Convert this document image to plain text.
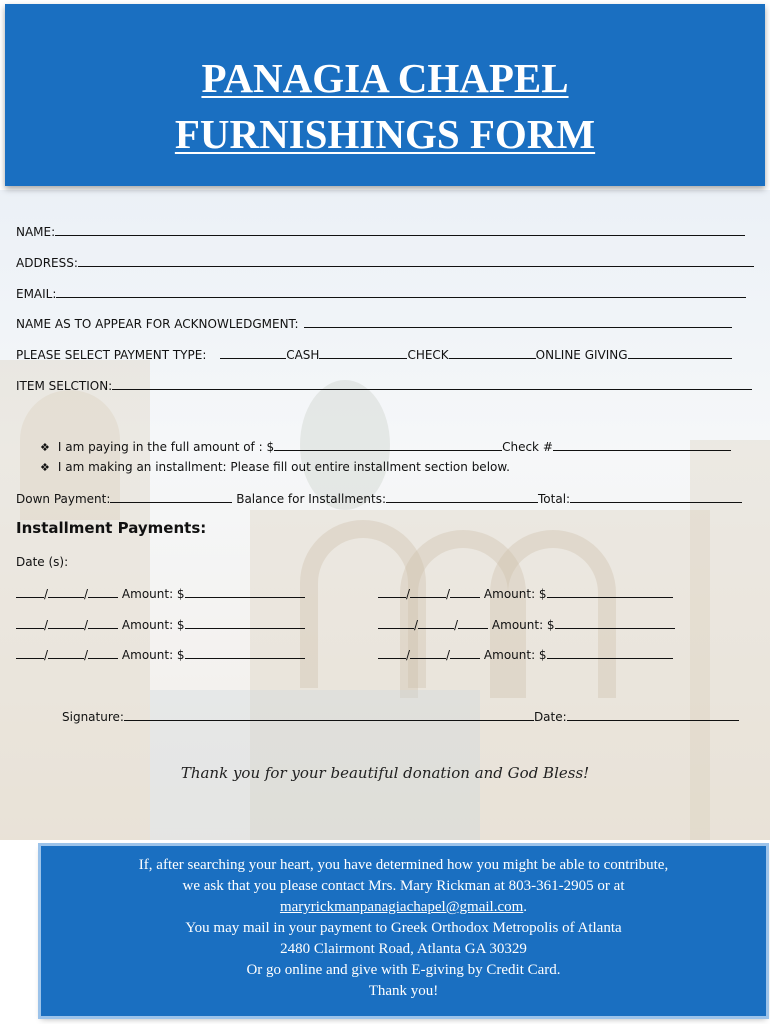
PANAGIA CHAPEL
FURNISHINGS FORM
NAME:
ADDRESS:
EMAIL:
NAME AS TO APPEAR FOR ACKNOWLEDGMENT:
PLEASE SELECT PAYMENT TYPE:	CASH	CHECK	ONLINE GIVING
ITEM SELCTION:
❖ I am paying in the full amount of : $	Check #
❖ I am making an installment: Please fill out entire installment section below.
Down Payment:	Balance for Installments:	Total:
Installment Payments:
Date (s):
/	/	Amount: $	/	/	Amount: $
/	/	Amount: $	/	/	Amount: $
/	/	Amount: $	/	/	Amount: $
Signature:	Date:
Thank you for your beautiful donation and God Bless!
If, after searching your heart, you have determined how you might be able to contribute,
we ask that you please contact Mrs. Mary Rickman at 803-361-2905 or at
maryrickmanpanagiachapel@gmail.com.
You may mail in your payment to Greek Orthodox Metropolis of Atlanta
2480 Clairmont Road, Atlanta GA 30329
Or go online and give with E-giving by Credit Card.
Thank you!
